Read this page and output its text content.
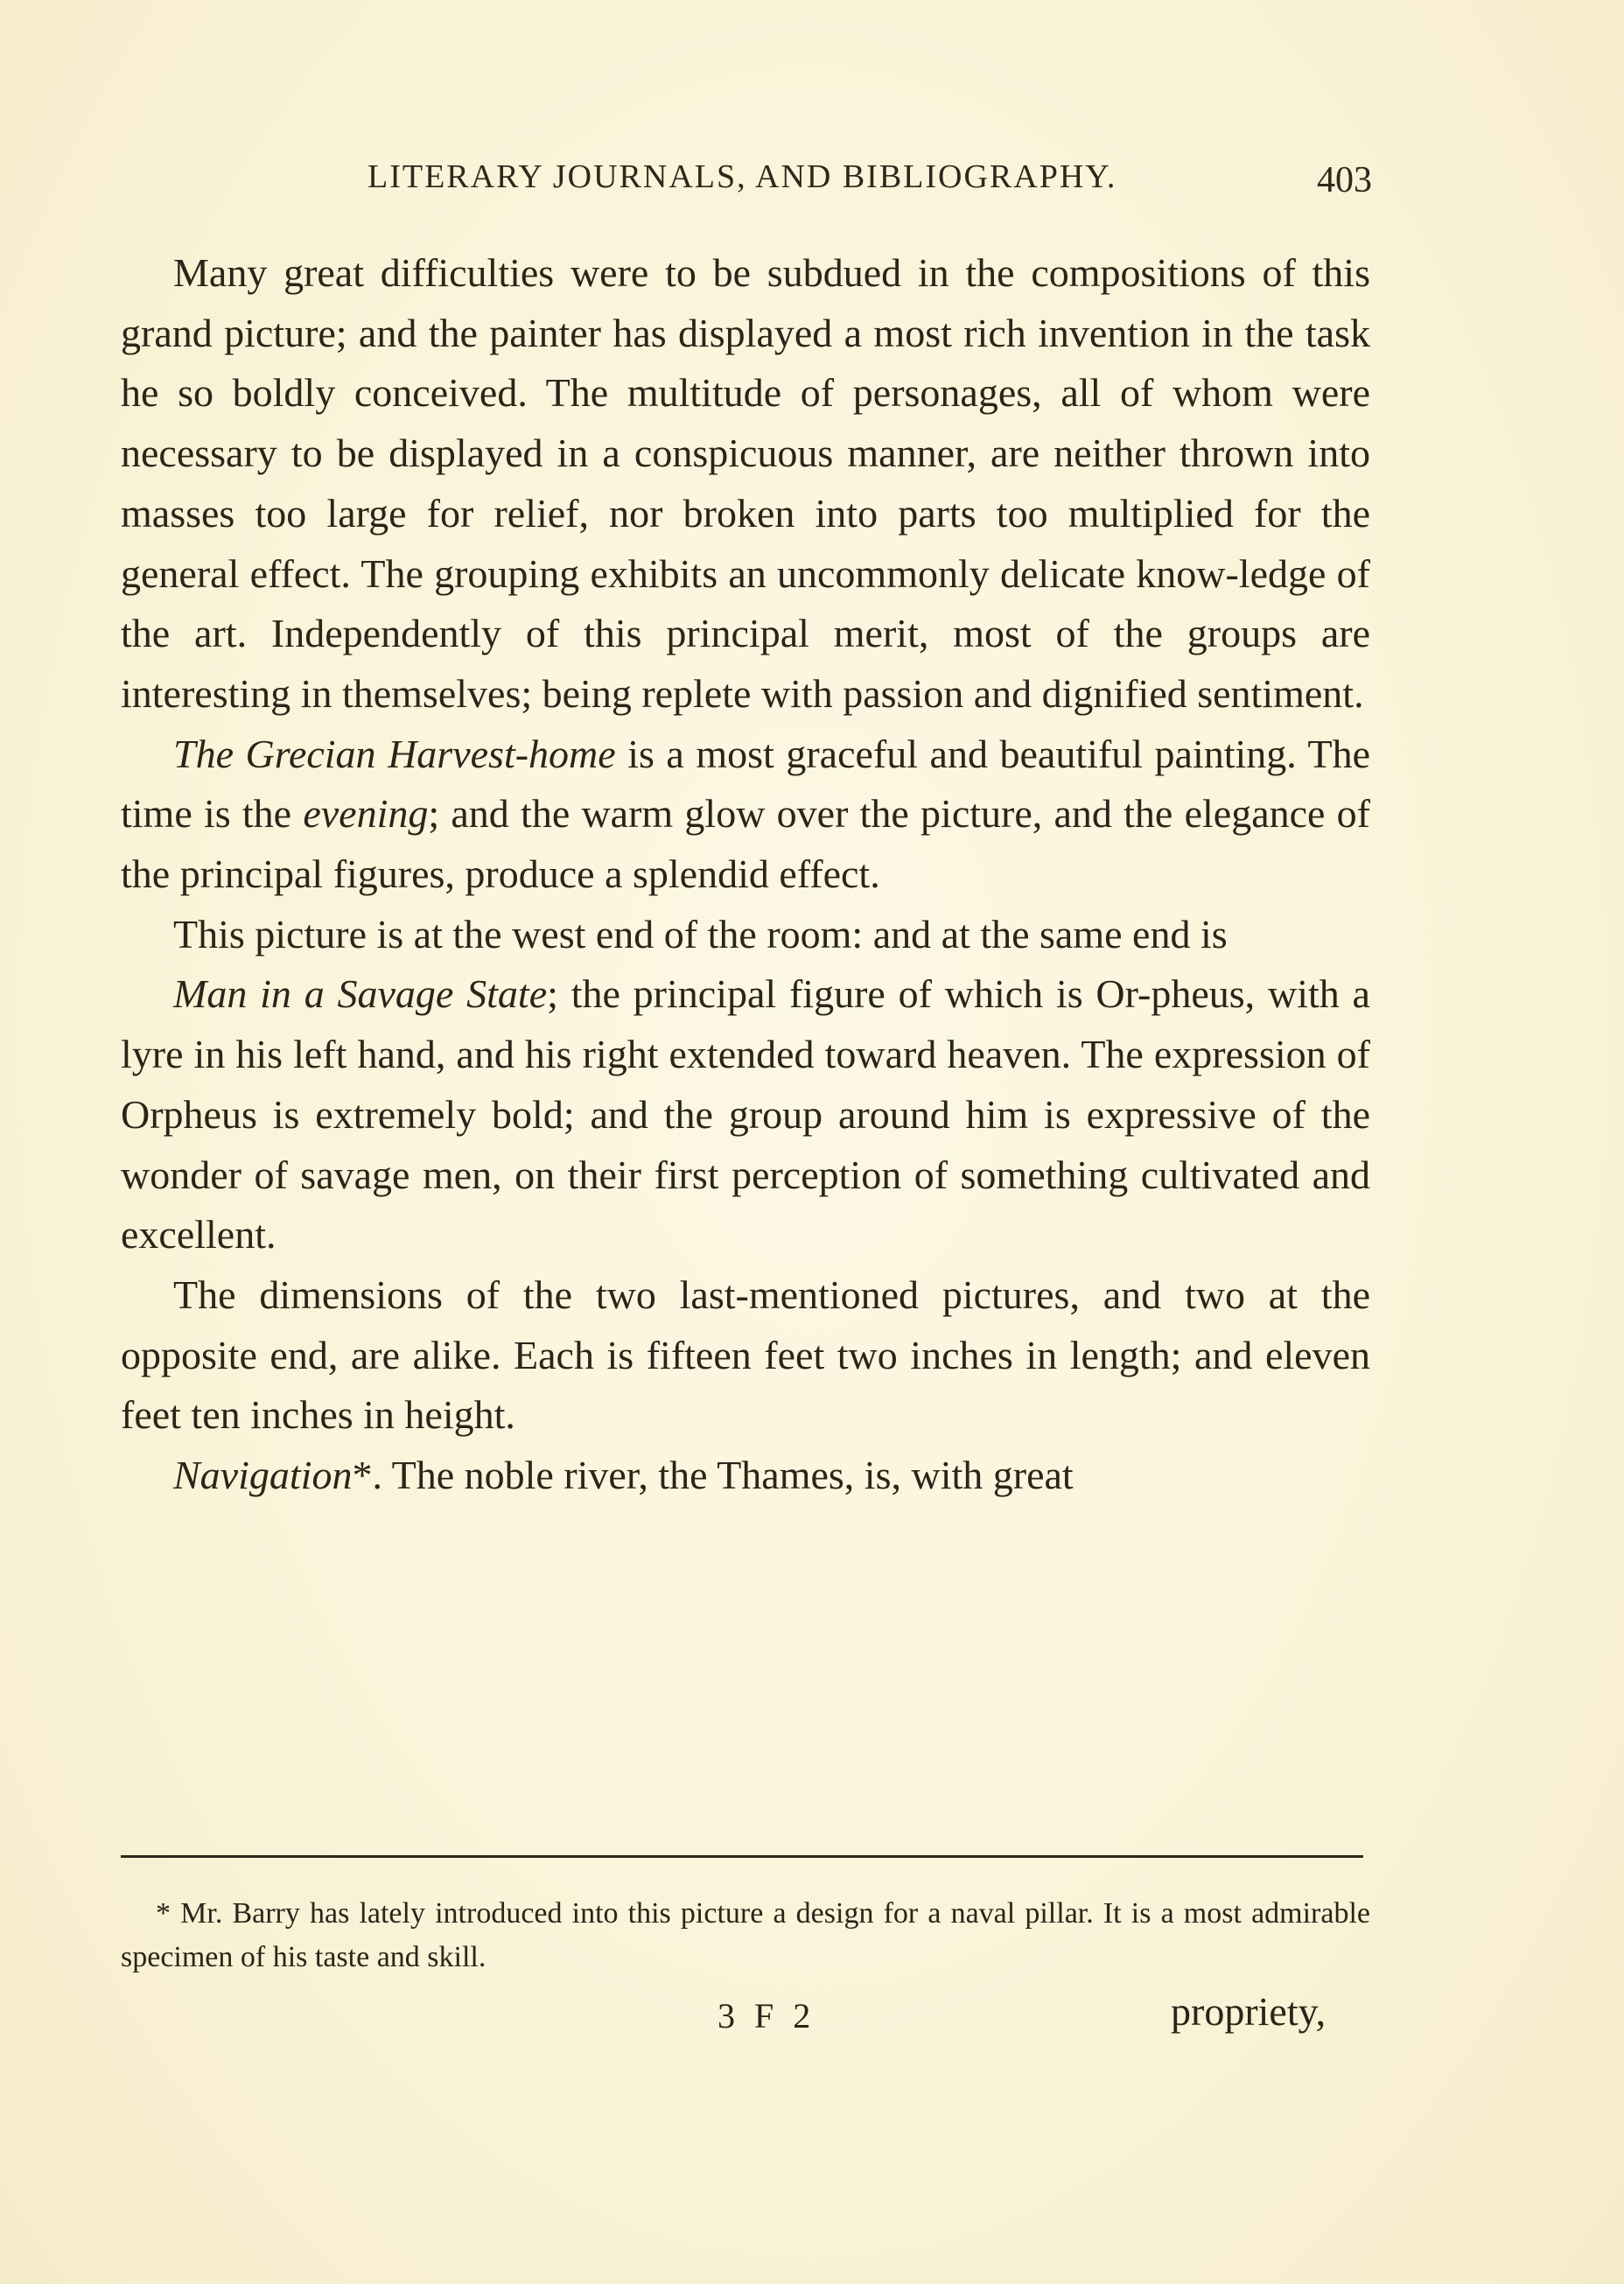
LITERARY JOURNALS, AND BIBLIOGRAPHY.	403

Many great difficulties were to be subdued in the compositions of this grand picture; and the painter has displayed a most rich invention in the task he so boldly conceived. The multitude of personages, all of whom were necessary to be displayed in a conspicuous manner, are neither thrown into masses too large for relief, nor broken into parts too multiplied for the general effect. The grouping exhibits an uncommonly delicate know-ledge of the art. Independently of this principal merit, most of the groups are interesting in themselves; being replete with passion and dignified sentiment.

The Grecian Harvest-home is a most graceful and beautiful painting. The time is the evening; and the warm glow over the picture, and the elegance of the principal figures, produce a splendid effect.

This picture is at the west end of the room: and at the same end is

Man in a Savage State; the principal figure of which is Or-pheus, with a lyre in his left hand, and his right extended toward heaven. The expression of Orpheus is extremely bold; and the group around him is expressive of the wonder of savage men, on their first perception of something cultivated and excellent.

The dimensions of the two last-mentioned pictures, and two at the opposite end, are alike. Each is fifteen feet two inches in length; and eleven feet ten inches in height.

Navigation*. The noble river, the Thames, is, with great

* Mr. Barry has lately introduced into this picture a design for a naval pillar. It is a most admirable specimen of his taste and skill.

3 F 2	propriety,
